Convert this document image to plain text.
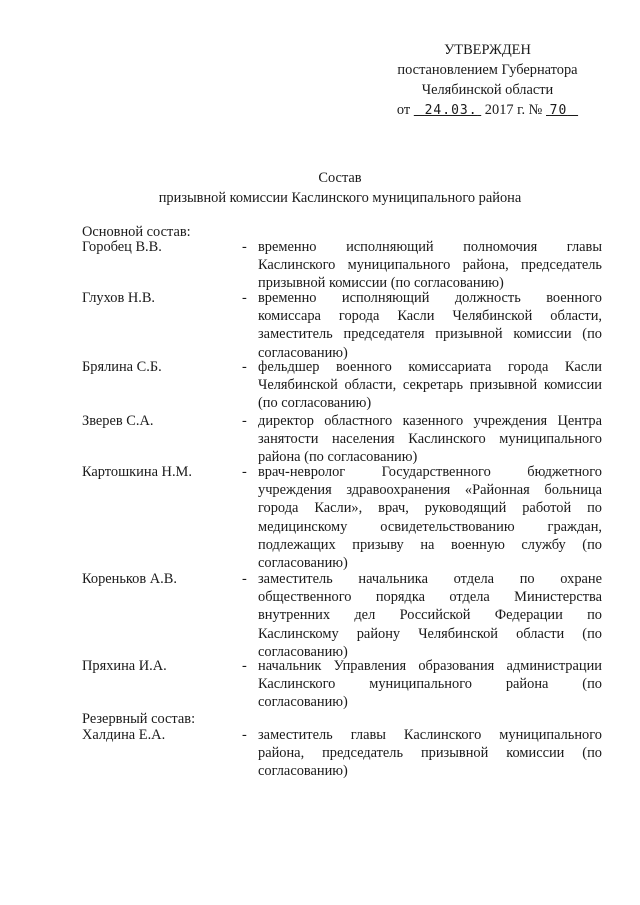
УТВЕРЖДЕН
постановлением Губернатора
Челябинской области
от 24.03. 2017 г. № 70
Состав
призывной комиссии Каслинского муниципального района
Основной состав:
Горобец В.В.	- временно исполняющий полномочия главы Каслинского муниципального района, председатель призывной комиссии (по согласованию)
Глухов Н.В.	- временно исполняющий должность военного комиссара города Касли Челябинской области, заместитель председателя призывной комиссии (по согласованию)
Брялина С.Б.	- фельдшер военного комиссариата города Касли Челябинской области, секретарь призывной комиссии (по согласованию)
Зверев С.А.	- директор областного казенного учреждения Центра занятости населения Каслинского муниципального района (по согласованию)
Картошкина Н.М.	- врач-невролог Государственного бюджетного учреждения здравоохранения «Районная больница города Касли», врач, руководящий работой по медицинскому освидетельствованию граждан, подлежащих призыву на военную службу (по согласованию)
Кореньков А.В.	- заместитель начальника отдела по охране общественного порядка отдела Министерства внутренних дел Российской Федерации по Каслинскому району Челябинской области (по согласованию)
Пряхина И.А.	- начальник Управления образования администрации Каслинского муниципального района (по согласованию)
Резервный состав:
Халдина Е.А.	- заместитель главы Каслинского муниципального района, председатель призывной комиссии (по согласованию)
